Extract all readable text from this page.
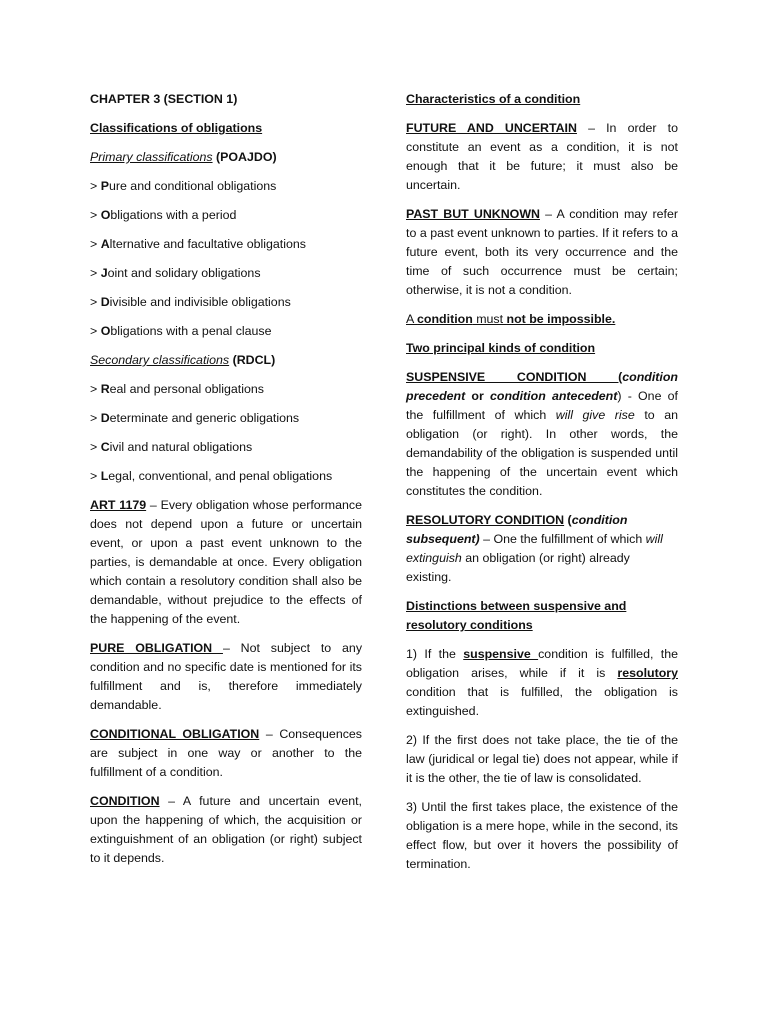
CHAPTER 3 (SECTION 1)

Classifications of obligations

Primary classifications (POAJDO)

> Pure and conditional obligations

> Obligations with a period

> Alternative and facultative obligations

> Joint and solidary obligations

> Divisible and indivisible obligations

> Obligations with a penal clause

Secondary classifications (RDCL)

> Real and personal obligations

> Determinate and generic obligations

> Civil and natural obligations

> Legal, conventional, and penal obligations

ART 1179 – Every obligation whose performance does not depend upon a future or uncertain event, or upon a past event unknown to the parties, is demandable at once. Every obligation which contain a resolutory condition shall also be demandable, without prejudice to the effects of the happening of the event.

PURE OBLIGATION – Not subject to any condition and no specific date is mentioned for its fulfillment and is, therefore immediately demandable.

CONDITIONAL OBLIGATION – Consequences are subject in one way or another to the fulfillment of a condition.

CONDITION – A future and uncertain event, upon the happening of which, the acquisition or extinguishment of an obligation (or right) subject to it depends.

Characteristics of a condition

FUTURE AND UNCERTAIN – In order to constitute an event as a condition, it is not enough that it be future; it must also be uncertain.

PAST BUT UNKNOWN – A condition may refer to a past event unknown to parties. If it refers to a future event, both its very occurrence and the time of such occurrence must be certain; otherwise, it is not a condition.

A condition must not be impossible.

Two principal kinds of condition

SUSPENSIVE CONDITION (condition precedent or condition antecedent) - One of the fulfillment of which will give rise to an obligation (or right). In other words, the demandability of the obligation is suspended until the happening of the uncertain event which constitutes the condition.

RESOLUTORY CONDITION (condition subsequent) – One the fulfillment of which will extinguish an obligation (or right) already existing.

Distinctions between suspensive and resolutory conditions

1) If the suspensive condition is fulfilled, the obligation arises, while if it is resolutory condition that is fulfilled, the obligation is extinguished.

2) If the first does not take place, the tie of the law (juridical or legal tie) does not appear, while if it is the other, the tie of law is consolidated.

3) Until the first takes place, the existence of the obligation is a mere hope, while in the second, its effect flow, but over it hovers the possibility of termination.
